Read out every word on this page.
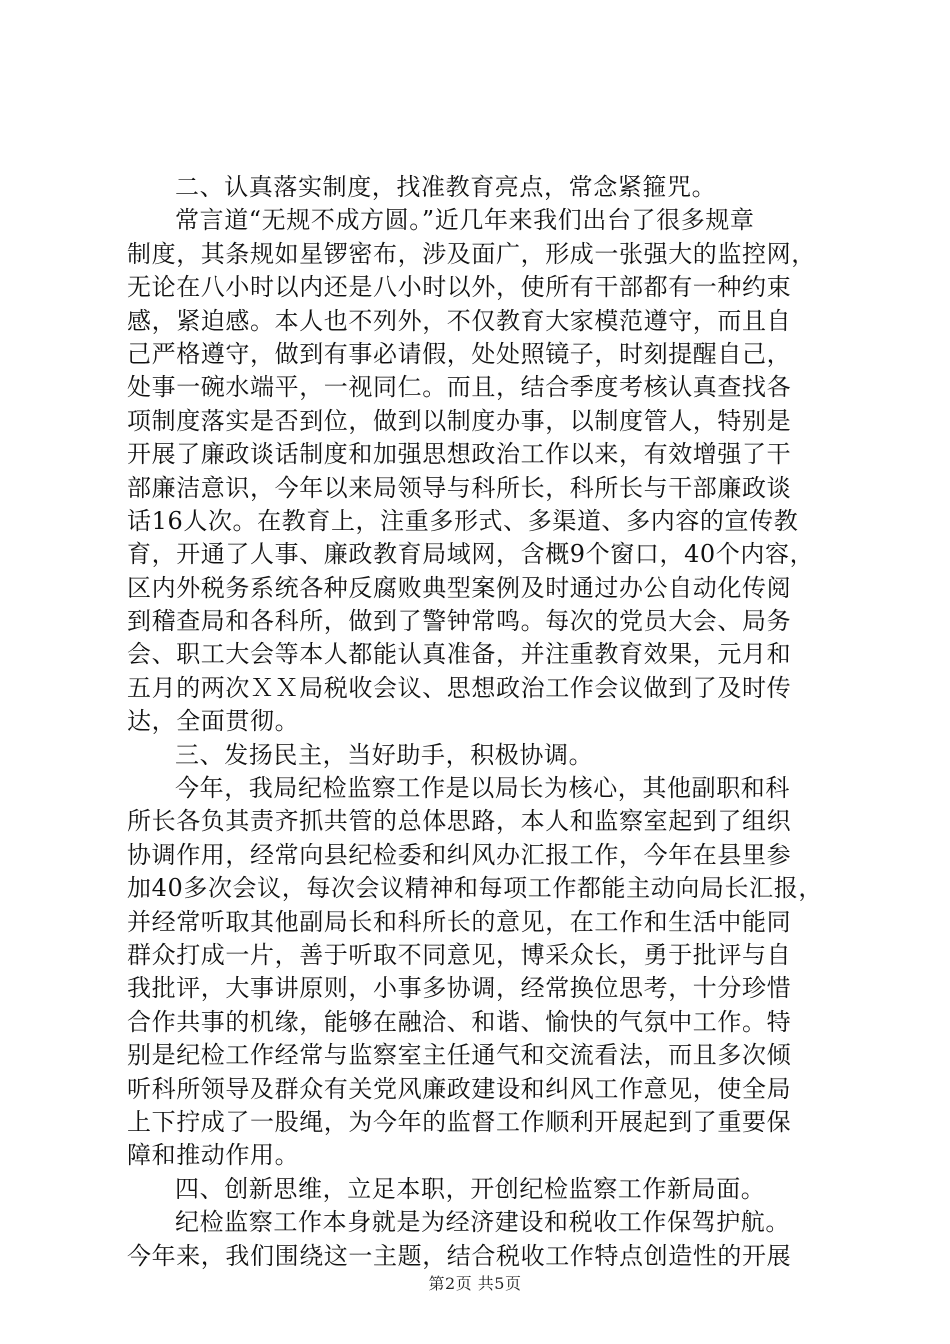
二、认真落实制度，找准教育亮点，常念紧箍咒。
常言道“无规不成方圆。”近几年来我们出台了很多规章
制度，其条规如星锣密布，涉及面广，形成一张强大的监控网，
无论在八小时以内还是八小时以外，使所有干部都有一种约束
感，紧迫感。本人也不列外，不仅教育大家模范遵守，而且自
己严格遵守，做到有事必请假，处处照镜子，时刻提醒自己，
处事一碗水端平，一视同仁。而且，结合季度考核认真查找各
项制度落实是否到位，做到以制度办事，以制度管人，特别是
开展了廉政谈话制度和加强思想政治工作以来，有效增强了干
部廉洁意识，今年以来局领导与科所长，科所长与干部廉政谈
话16人次。在教育上，注重多形式、多渠道、多内容的宣传教
育，开通了人事、廉政教育局域网，含概9个窗口，40个内容，
区内外税务系统各种反腐败典型案例及时通过办公自动化传阅
到稽查局和各科所，做到了警钟常鸣。每次的党员大会、局务
会、职工大会等本人都能认真准备，并注重教育效果，元月和
五月的两次ＸＸ局税收会议、思想政治工作会议做到了及时传
达，全面贯彻。
三、发扬民主，当好助手，积极协调。
今年，我局纪检监察工作是以局长为核心，其他副职和科
所长各负其责齐抓共管的总体思路，本人和监察室起到了组织
协调作用，经常向县纪检委和纠风办汇报工作，今年在县里参
加40多次会议，每次会议精神和每项工作都能主动向局长汇报，
并经常听取其他副局长和科所长的意见，在工作和生活中能同
群众打成一片，善于听取不同意见，博采众长，勇于批评与自
我批评，大事讲原则，小事多协调，经常换位思考，十分珍惜
合作共事的机缘，能够在融洽、和谐、愉快的气氛中工作。特
别是纪检工作经常与监察室主任通气和交流看法，而且多次倾
听科所领导及群众有关党风廉政建设和纠风工作意见，使全局
上下拧成了一股绳，为今年的监督工作顺利开展起到了重要保
障和推动作用。
四、创新思维，立足本职，开创纪检监察工作新局面。
纪检监察工作本身就是为经济建设和税收工作保驾护航。
今年来，我们围绕这一主题，结合税收工作特点创造性的开展
第2页 共5页
